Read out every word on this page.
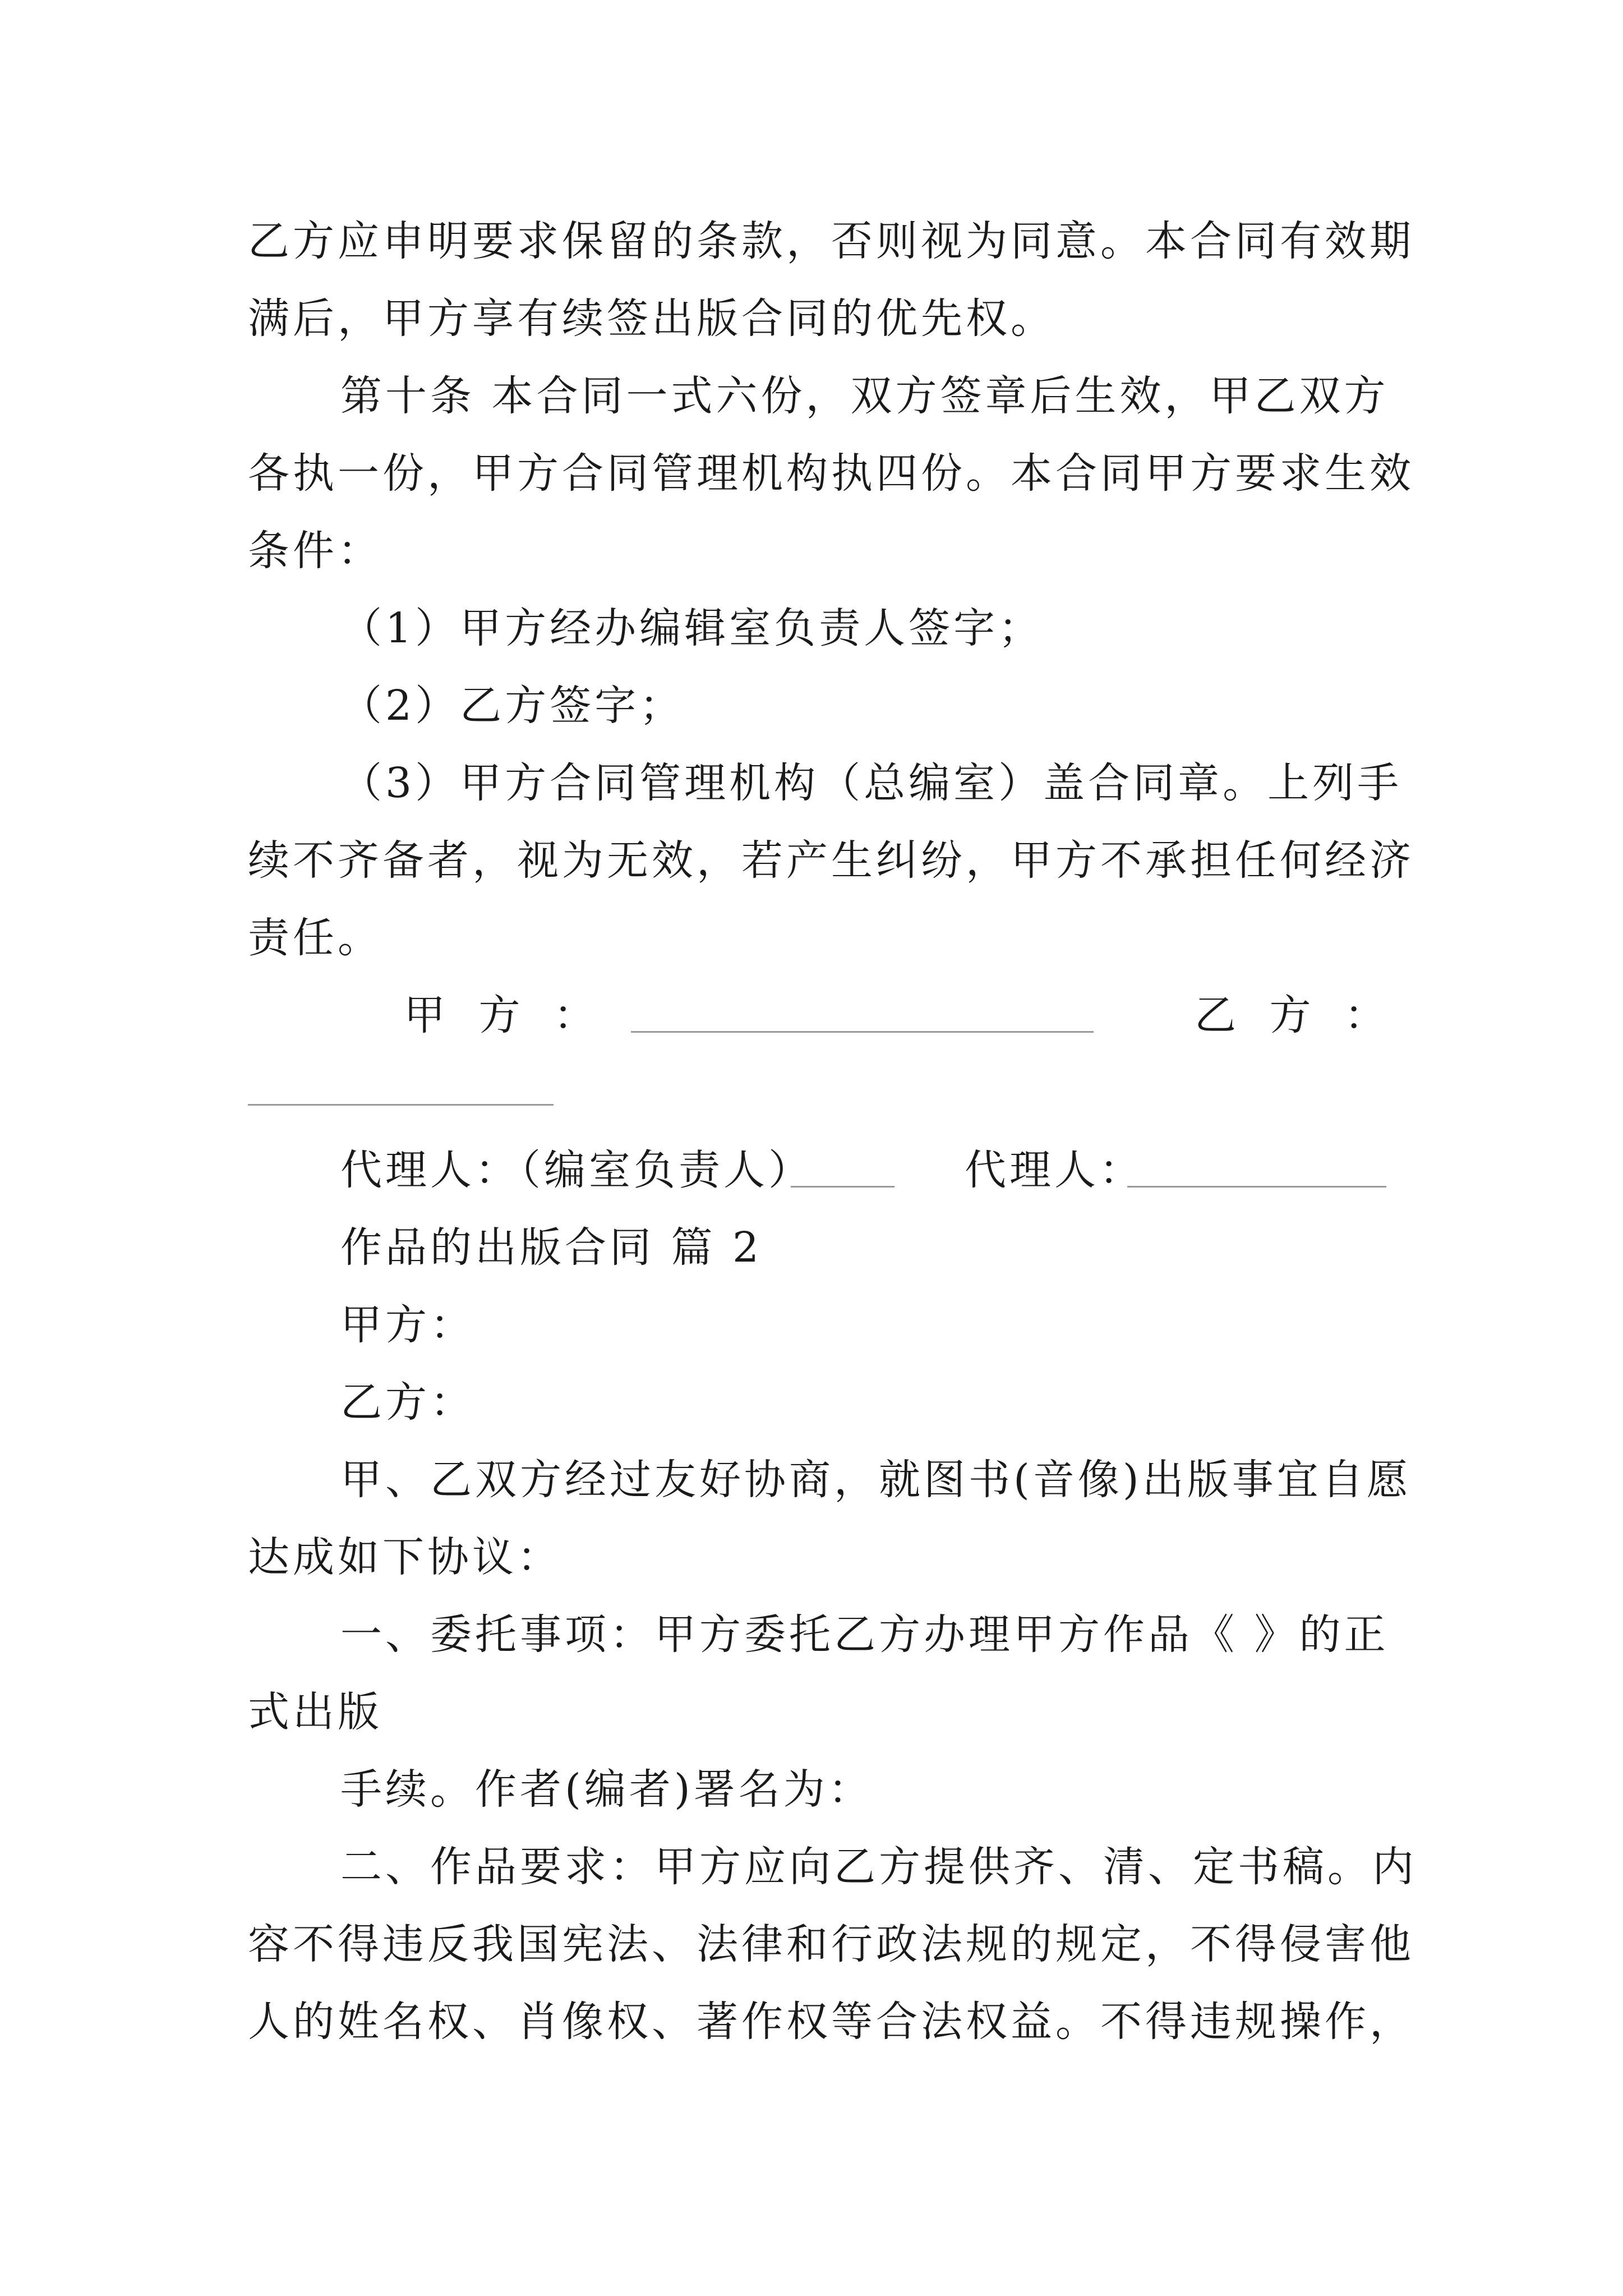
乙方应申明要求保留的条款，否则视为同意。本合同有效期
满后，甲方享有续签出版合同的优先权。
第十条 本合同一式六份，双方签章后生效，甲乙双方
各执一份，甲方合同管理机构执四份。本合同甲方要求生效
条件：
（1）甲方经办编辑室负责人签字；
（2）乙方签字；
（3）甲方合同管理机构（总编室）盖合同章。上列手
续不齐备者，视为无效，若产生纠纷，甲方不承担任何经济
责任。
甲 方 ：	乙 方 ：
代理人：（编室负责人）	代理人：
作品的出版合同 篇 2
甲方：
乙方：
甲、乙双方经过友好协商，就图书(音像)出版事宜自愿
达成如下协议：
一、委托事项：甲方委托乙方办理甲方作品《 》的正
式出版
手续。作者(编者)署名为：
二、作品要求：甲方应向乙方提供齐、清、定书稿。内
容不得违反我国宪法、法律和行政法规的规定，不得侵害他
人的姓名权、肖像权、著作权等合法权益。不得违规操作，
